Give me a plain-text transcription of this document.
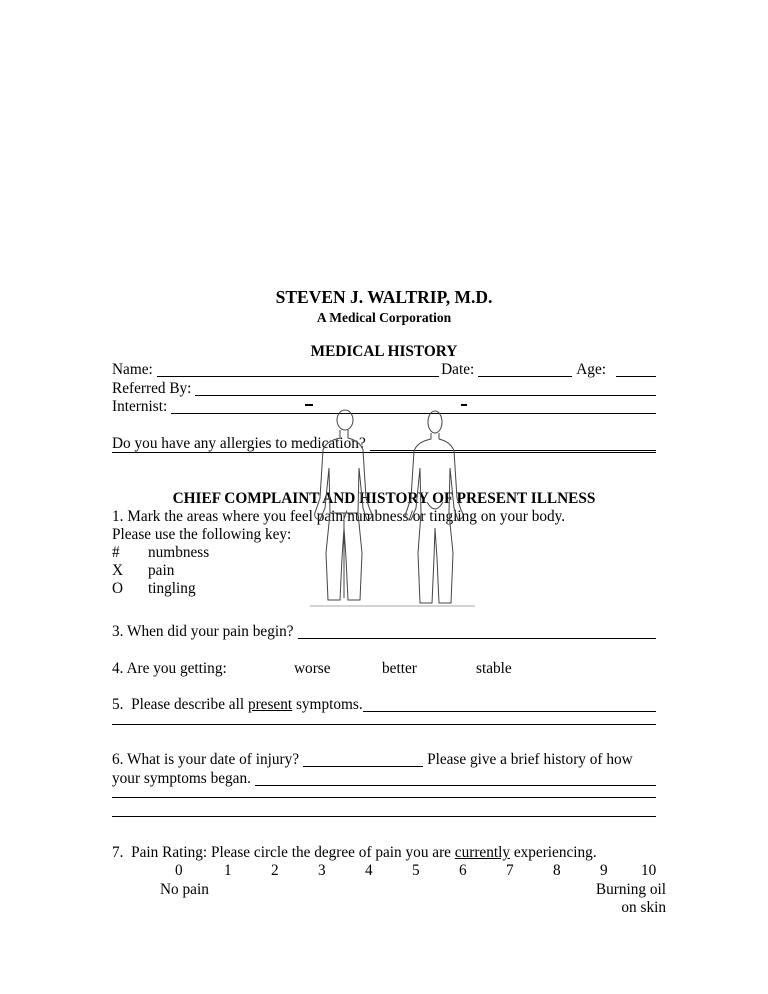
STEVEN J. WALTRIP, M.D.
A Medical Corporation
MEDICAL HISTORY
Name:	Date:	Age:
Referred By:
Internist:
Do you have any allergies to medication?
CHIEF COMPLAINT AND HISTORY OF PRESENT ILLNESS
1. Mark the areas where you feel pain/numbness/or tingling on your body.
Please use the following key:
# numbness
X pain
O tingling
3. When did your pain begin?
4. Are you getting:	worse	better	stable
5.  Please describe all present symptoms.
6. What is your date of injury?	Please give a brief history of how
your symptoms began.
7.  Pain Rating: Please circle the degree of pain you are currently experiencing.
0	1	2	3	4	5	6	7	8	9 10
No pain	Burning oil
on skin
